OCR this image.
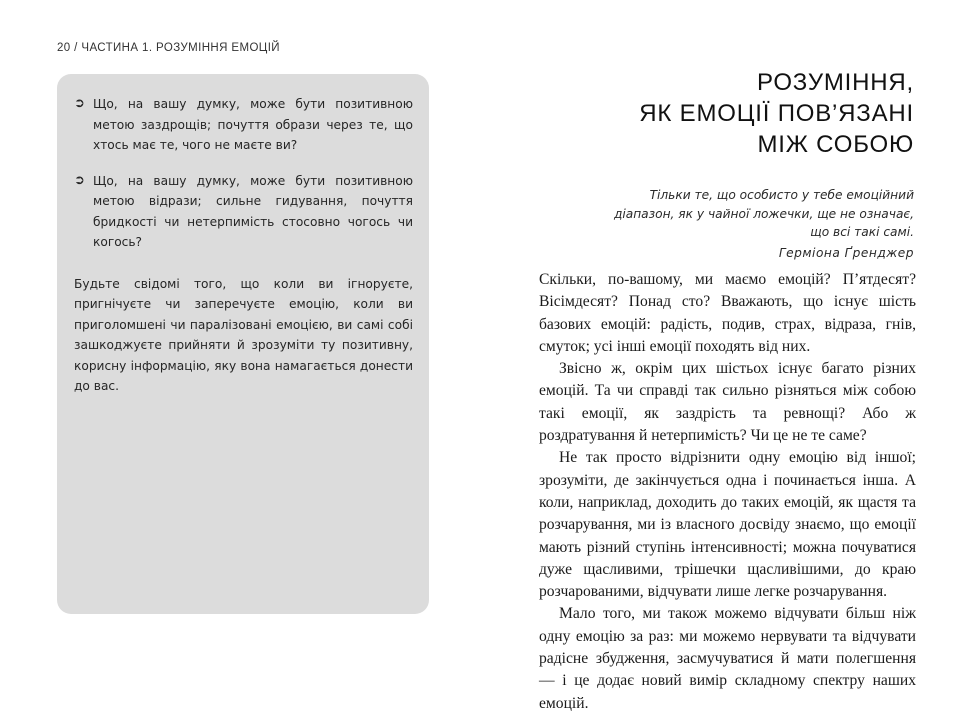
20 / ЧАСТИНА 1. РОЗУМІННЯ ЕМОЦІЙ
➲ Що, на вашу думку, може бути позитивною метою заздрощів; почуття образи через те, що хтось має те, чого не маєте ви?
➲ Що, на вашу думку, може бути позитивною метою відрази; сильне гидування, почуття бридкості чи нетерпимість стосовно чогось чи когось?

Будьте свідомі того, що коли ви ігноруєте, пригнічуєте чи заперечуєте емоцію, коли ви приголомшені чи паралізовані емоцією, ви самі собі зашкоджуєте прийняти й зрозуміти ту позитивну, корисну інформацію, яку вона намагається донести до вас.

РОЗУМІННЯ,
ЯК ЕМОЦІЇ ПОВ’ЯЗАНІ
МІЖ СОБОЮ
Тільки те, що особисто у тебе емоційний діапазон, як у чайної ложечки, ще не означає, що всі такі самі.
Герміона Ґренджер

Скільки, по-вашому, ми маємо емоцій? П’ятдесят? Вісімдесят? Понад сто? Вважають, що існує шість базових емоцій: радість, подив, страх, відраза, гнів, смуток; усі інші емоції походять від них.

Звісно ж, окрім цих шістьох існує багато різних емоцій. Та чи справді так сильно різняться між собою такі емоції, як заздрість та ревнощі? Або ж роздратування й нетерпимість? Чи це не те саме?

Не так просто відрізнити одну емоцію від іншої; зрозуміти, де закінчується одна і починається інша. А коли, наприклад, доходить до таких емоцій, як щастя та розчарування, ми із власного досвіду знаємо, що емоції мають різний ступінь інтенсивності; можна почуватися дуже щасливими, трішечки щасливішими, до краю розчарованими, відчувати лише легке розчарування.

Мало того, ми також можемо відчувати більш ніж одну емоцію за раз: ми можемо нервувати та відчувати радісне збудження, засмучуватися й мати полегшення — і це додає новий вимір складному спектру наших емоцій.
